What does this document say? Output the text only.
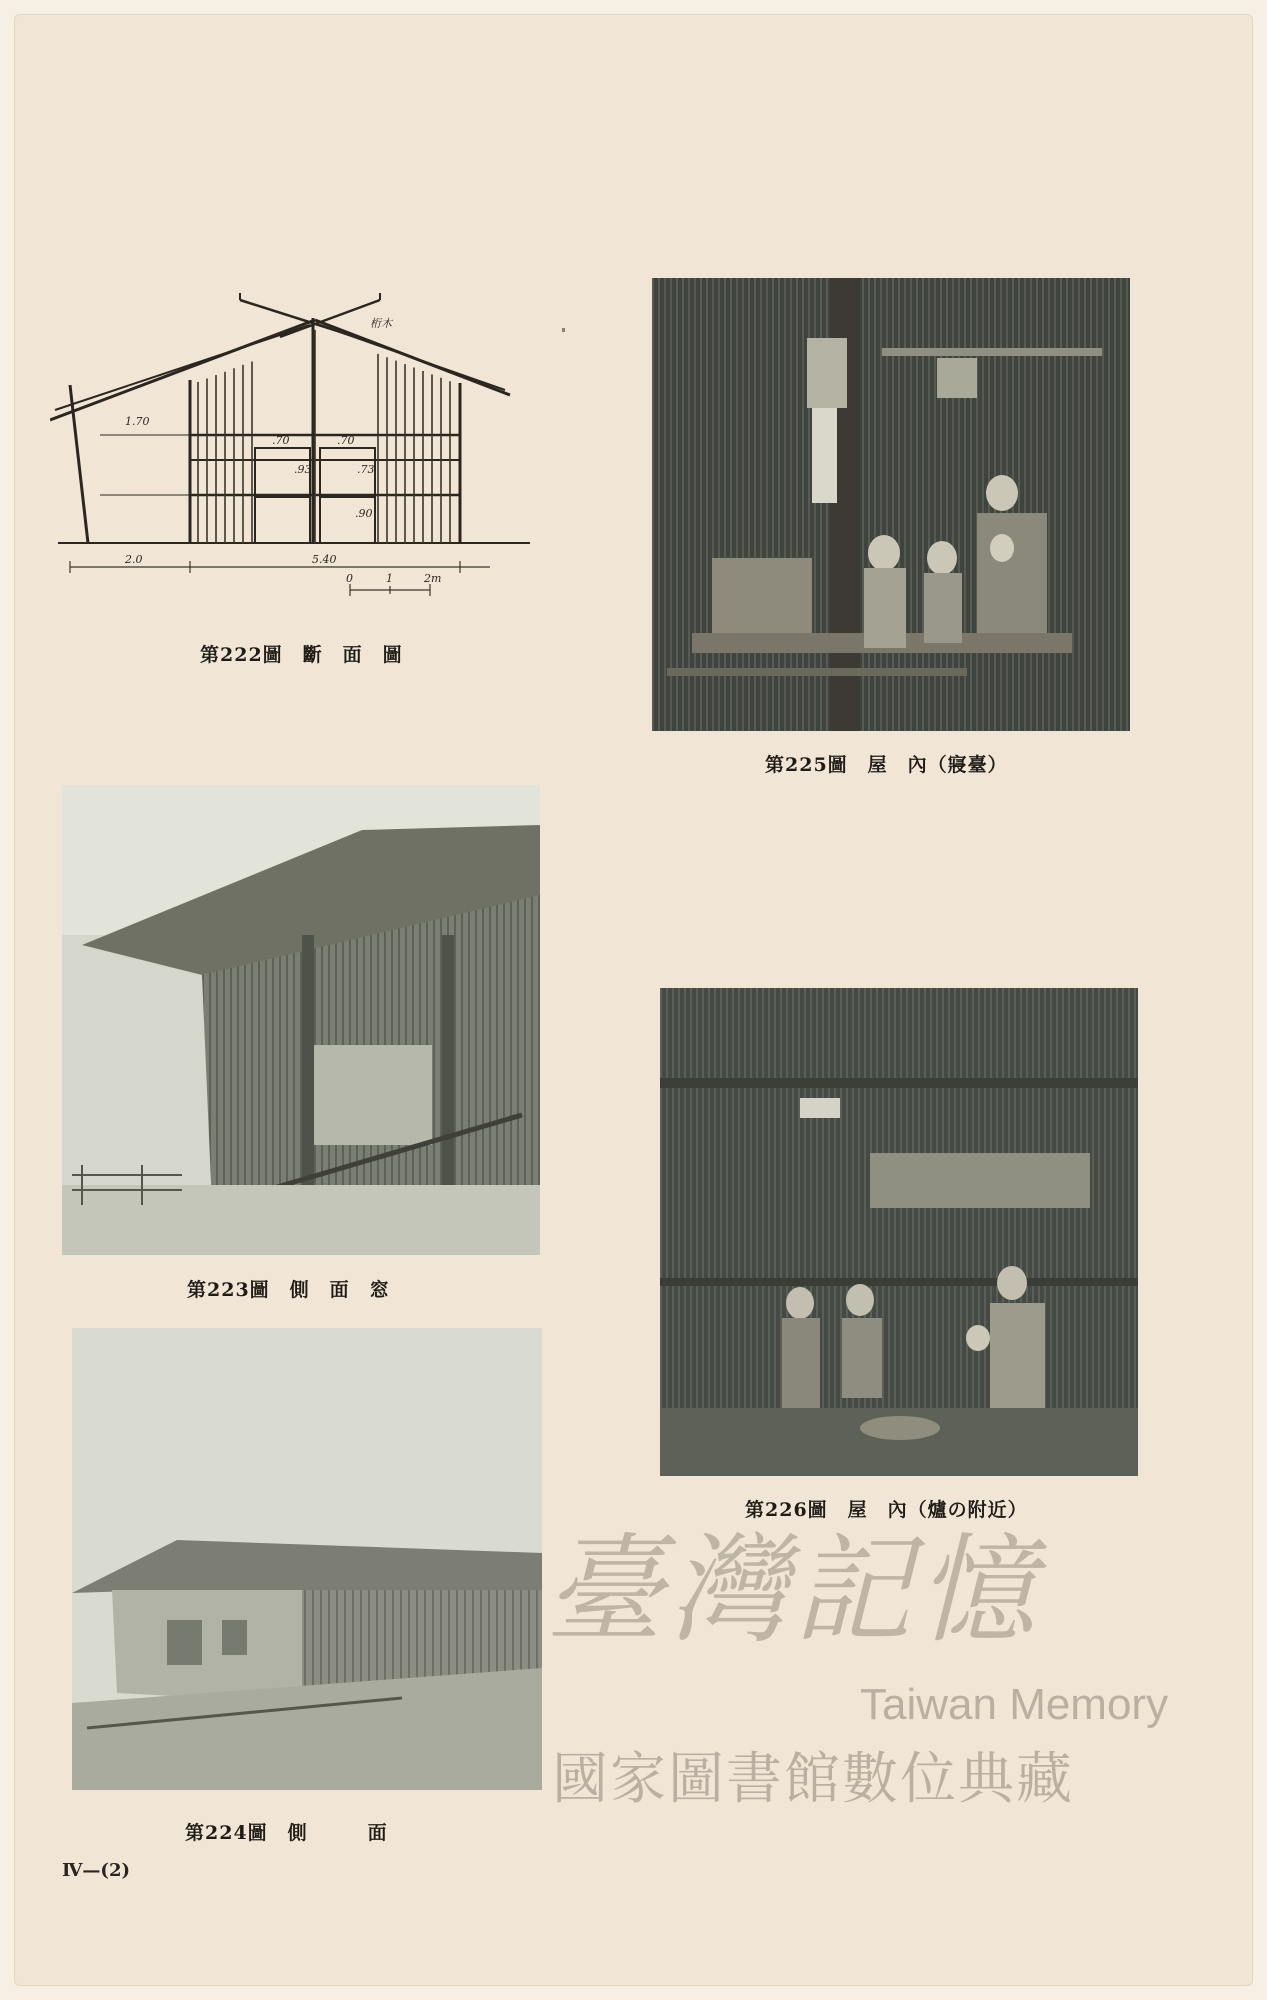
桁木
1.70
.70	.70
.93	.73
.90
2.0	5.40
0	1	2m
第222圖　斷　面　圖
第225圖　屋　內（寢臺）
第223圖　側　面　窓
第226圖　屋　內（爐の附近）
第224圖　側　　　面
Ⅳ—(2)
臺灣記憶
Taiwan Memory
國家圖書館數位典藏
